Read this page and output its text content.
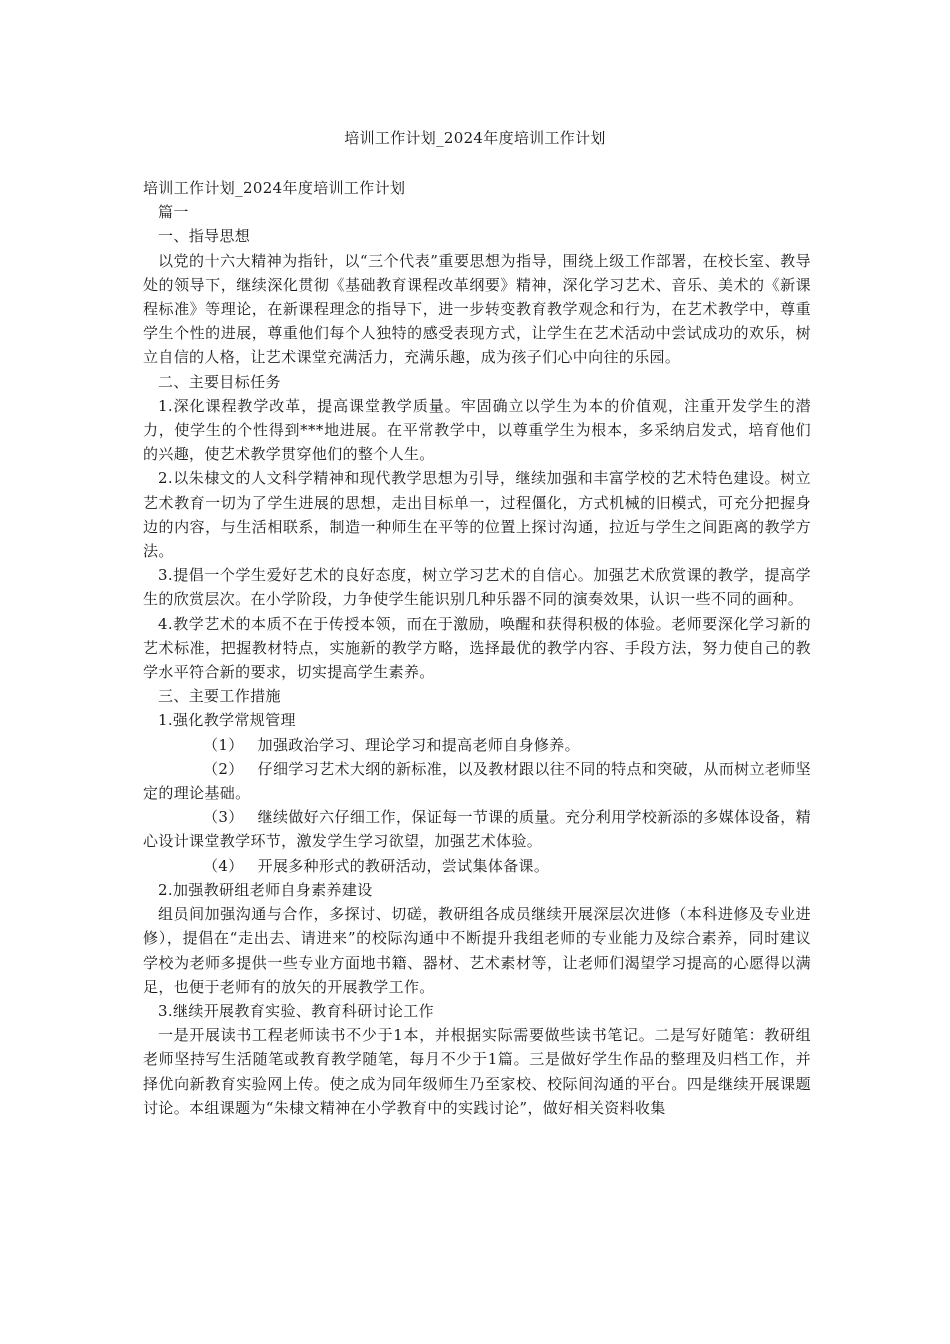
培训工作计划_2024年度培训工作计划

培训工作计划_2024年度培训工作计划

篇一

一、指导思想

以党的十六大精神为指针，以“三个代表”重要思想为指导，围绕上级工作部署，在校长室、教导处的领导下，继续深化贯彻《基础教育课程改革纲要》精神，深化学习艺术、音乐、美术的《新课程标准》等理论，在新课程理念的指导下，进一步转变教育教学观念和行为，在艺术教学中，尊重学生个性的进展，尊重他们每个人独特的感受表现方式，让学生在艺术活动中尝试成功的欢乐，树立自信的人格，让艺术课堂充满活力，充满乐趣，成为孩子们心中向往的乐园。

二、主要目标任务

1.深化课程教学改革，提高课堂教学质量。牢固确立以学生为本的价值观，注重开发学生的潜力，使学生的个性得到***地进展。在平常教学中，以尊重学生为根本，多采纳启发式，培育他们的兴趣，使艺术教学贯穿他们的整个人生。

2.以朱棣文的人文科学精神和现代教学思想为引导，继续加强和丰富学校的艺术特色建设。树立艺术教育一切为了学生进展的思想，走出目标单一，过程僵化，方式机械的旧模式，可充分把握身边的内容，与生活相联系，制造一种师生在平等的位置上探讨沟通，拉近与学生之间距离的教学方法。

3.提倡一个学生爱好艺术的良好态度，树立学习艺术的自信心。加强艺术欣赏课的教学，提高学生的欣赏层次。在小学阶段，力争使学生能识别几种乐器不同的演奏效果，认识一些不同的画种。

4.教学艺术的本质不在于传授本领，而在于激励，唤醒和获得积极的体验。老师要深化学习新的艺术标准，把握教材特点，实施新的教学方略，选择最优的教学内容、手段方法，努力使自己的教学水平符合新的要求，切实提高学生素养。

三、主要工作措施

1.强化教学常规管理

（1） 加强政治学习、理论学习和提高老师自身修养。

（2） 仔细学习艺术大纲的新标准，以及教材跟以往不同的特点和突破，从而树立老师坚定的理论基础。

（3） 继续做好六仔细工作，保证每一节课的质量。充分利用学校新添的多媒体设备，精心设计课堂教学环节，激发学生学习欲望，加强艺术体验。

（4） 开展多种形式的教研活动，尝试集体备课。

2.加强教研组老师自身素养建设

组员间加强沟通与合作，多探讨、切磋，教研组各成员继续开展深层次进修（本科进修及专业进修），提倡在“走出去、请进来”的校际沟通中不断提升我组老师的专业能力及综合素养，同时建议学校为老师多提供一些专业方面地书籍、器材、艺术素材等，让老师们渴望学习提高的心愿得以满足，也便于老师有的放矢的开展教学工作。

3.继续开展教育实验、教育科研讨论工作

一是开展读书工程老师读书不少于1本，并根据实际需要做些读书笔记。二是写好随笔：教研组老师坚持写生活随笔或教育教学随笔，每月不少于1篇。三是做好学生作品的整理及归档工作，并择优向新教育实验网上传。使之成为同年级师生乃至家校、校际间沟通的平台。四是继续开展课题讨论。本组课题为“朱棣文精神在小学教育中的实践讨论”，做好相关资料收集
